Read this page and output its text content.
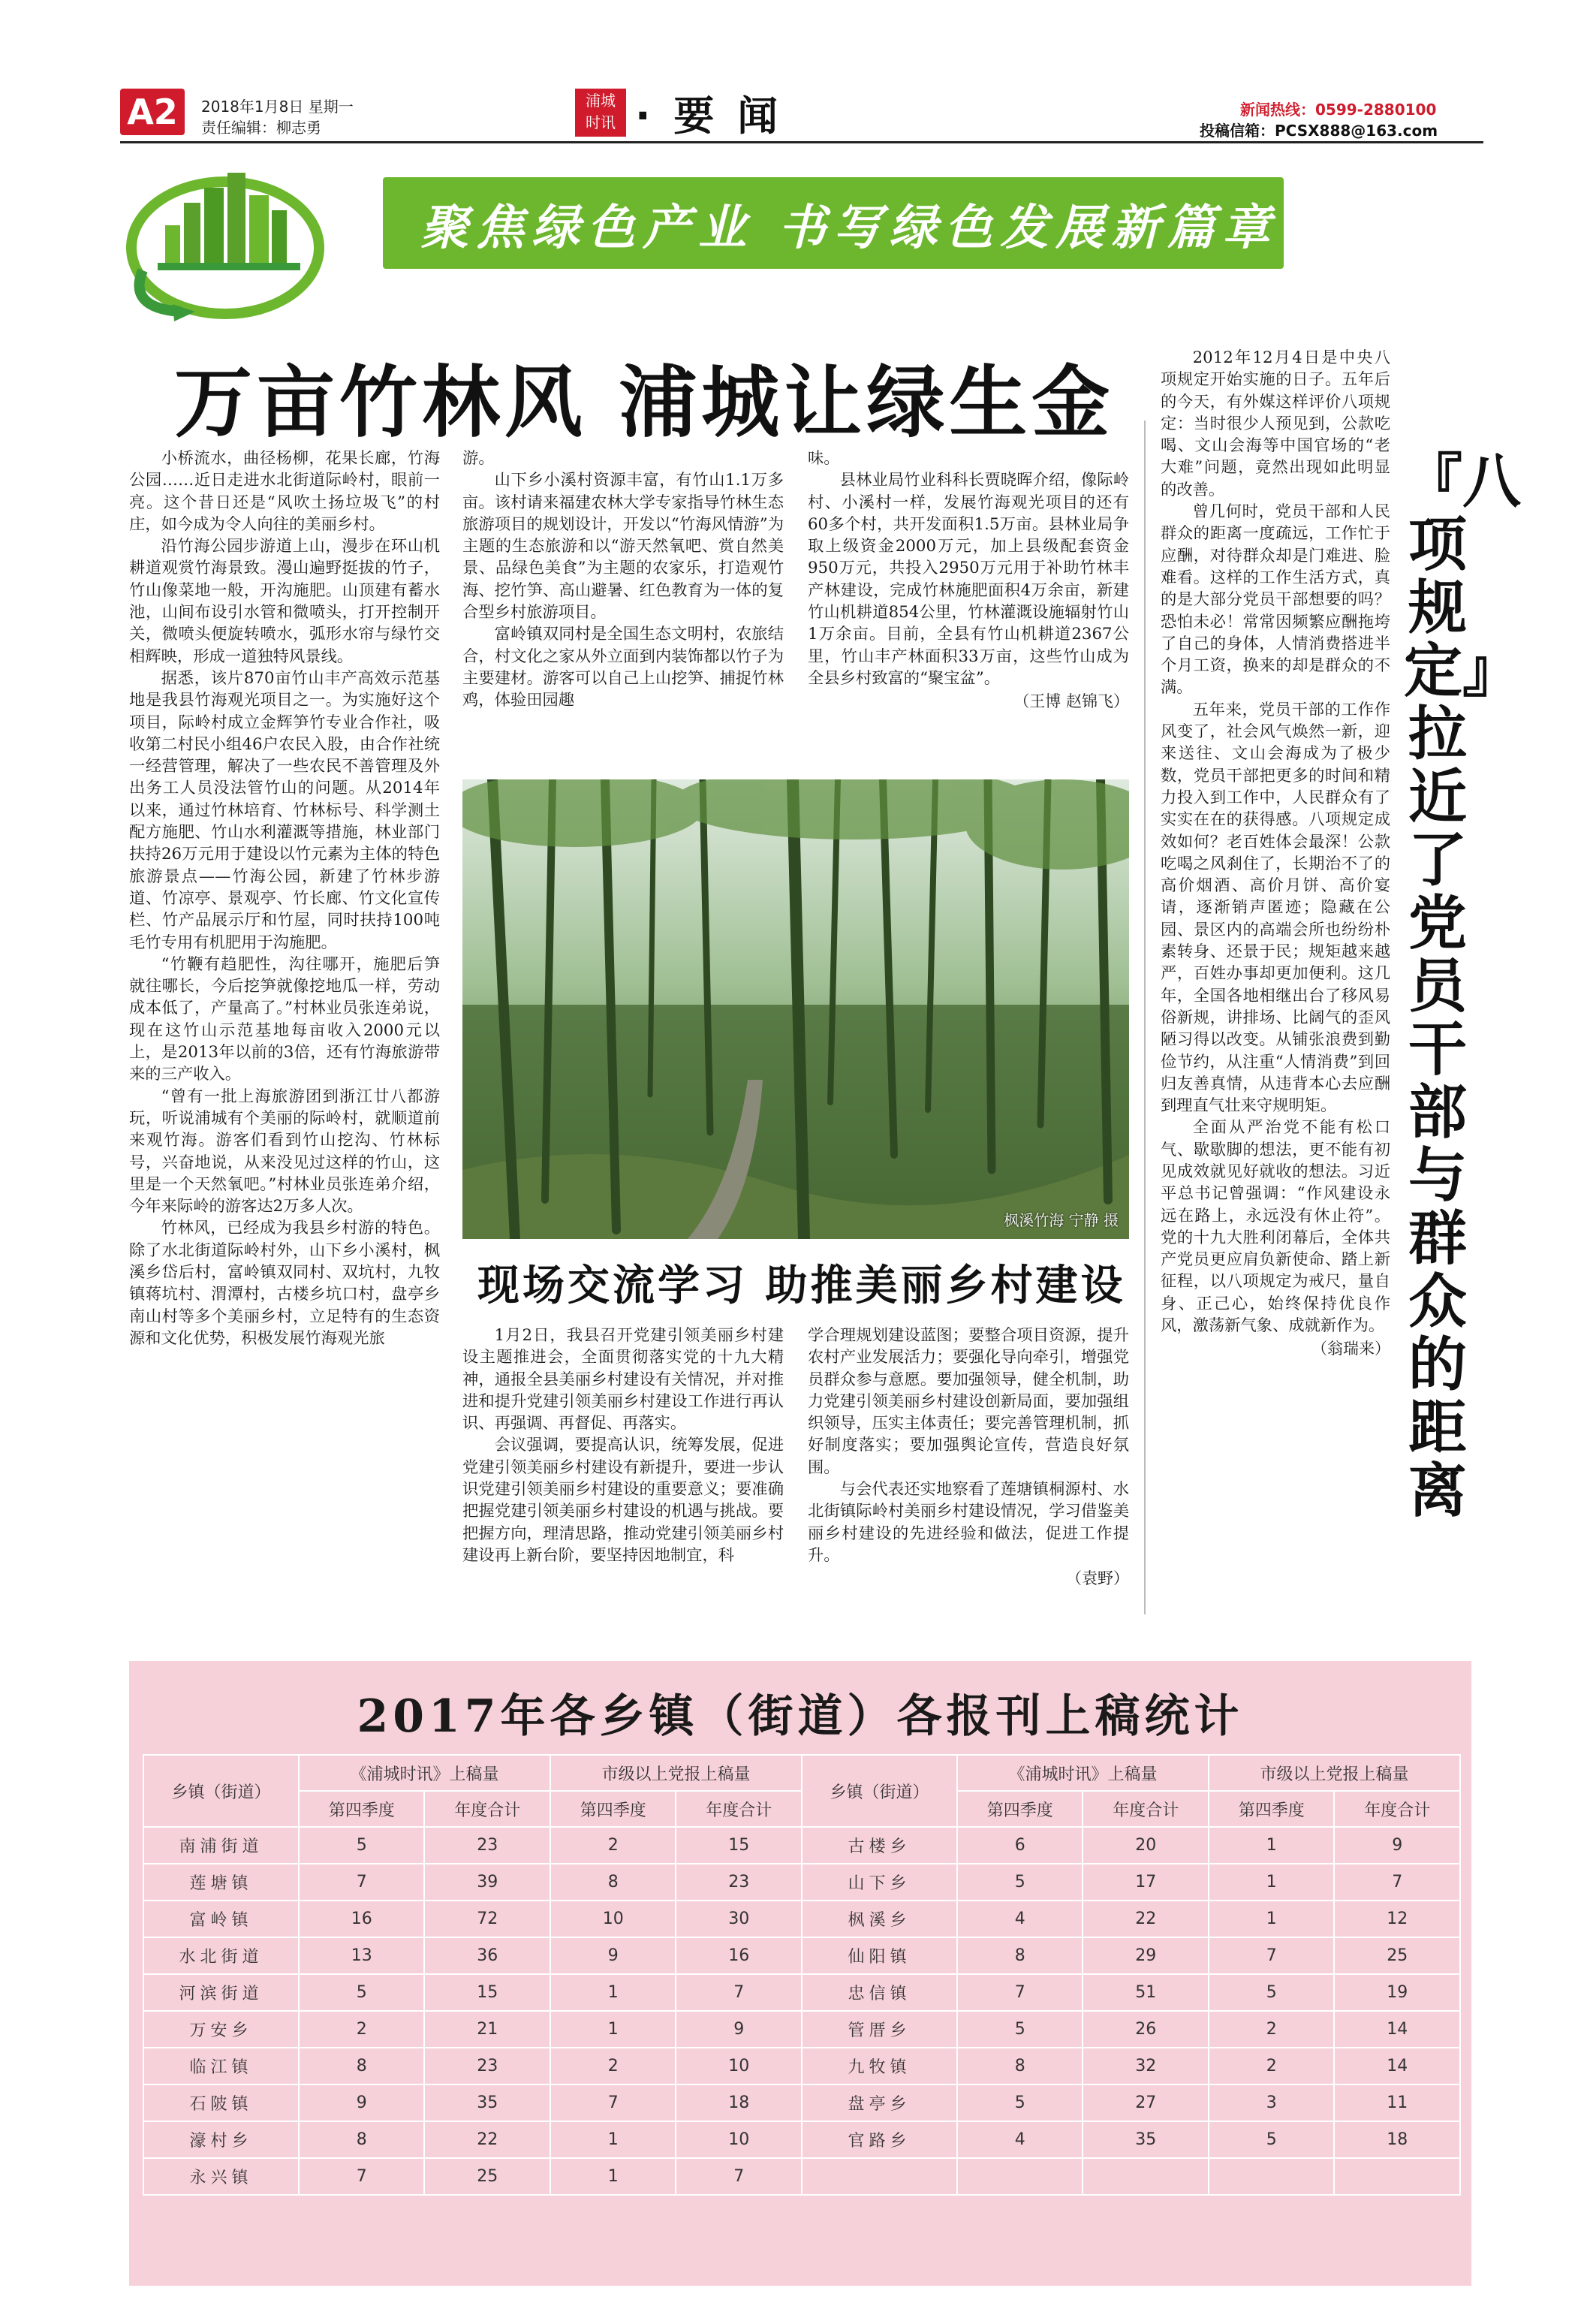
A2	2018年1月8日 星期一
责任编辑：柳志勇
浦城
时讯 · 要 闻	新闻热线：0599-2880100
投稿信箱：PCSX888@163.com
聚焦绿色产业 书写绿色发展新篇章
万亩竹林风 浦城让绿生金

小桥流水，曲径杨柳，花果长廊，竹海公园……近日走进水北街道际岭村，眼前一亮。这个昔日还是“风吹土扬垃圾飞”的村庄，如今成为令人向往的美丽乡村。

沿竹海公园步游道上山，漫步在环山机耕道观赏竹海景致。漫山遍野挺拔的竹子，竹山像菜地一般，开沟施肥。山顶建有蓄水池，山间布设引水管和微喷头，打开控制开关，微喷头便旋转喷水，弧形水帘与绿竹交相辉映，形成一道独特风景线。

据悉，该片870亩竹山丰产高效示范基地是我县竹海观光项目之一。为实施好这个项目，际岭村成立金辉笋竹专业合作社，吸收第二村民小组46户农民入股，由合作社统一经营管理，解决了一些农民不善管理及外出务工人员没法管竹山的问题。从2014年以来，通过竹林培育、竹林标号、科学测土配方施肥、竹山水利灌溉等措施，林业部门扶持26万元用于建设以竹元素为主体的特色旅游景点——竹海公园，新建了竹林步游道、竹凉亭、景观亭、竹长廊、竹文化宣传栏、竹产品展示厅和竹屋，同时扶持100吨毛竹专用有机肥用于沟施肥。

“竹鞭有趋肥性，沟往哪开，施肥后笋就往哪长，今后挖笋就像挖地瓜一样，劳动成本低了，产量高了。”村林业员张连弟说，现在这竹山示范基地每亩收入2000元以上，是2013年以前的3倍，还有竹海旅游带来的三产收入。

“曾有一批上海旅游团到浙江廿八都游玩，听说浦城有个美丽的际岭村，就顺道前来观竹海。游客们看到竹山挖沟、竹林标号，兴奋地说，从来没见过这样的竹山，这里是一个天然氧吧。”村林业员张连弟介绍，今年来际岭的游客达2万多人次。

竹林风，已经成为我县乡村游的特色。除了水北街道际岭村外，山下乡小溪村，枫溪乡岱后村，富岭镇双同村、双坑村，九牧镇蒋坑村、渭潭村，古楼乡坑口村，盘亭乡南山村等多个美丽乡村，立足特有的生态资源和文化优势，积极发展竹海观光旅

游。

山下乡小溪村资源丰富，有竹山1.1万多亩。该村请来福建农林大学专家指导竹林生态旅游项目的规划设计，开发以“竹海风情游”为主题的生态旅游和以“游天然氧吧、赏自然美景、品绿色美食”为主题的农家乐，打造观竹海、挖竹笋、高山避暑、红色教育为一体的复合型乡村旅游项目。

富岭镇双同村是全国生态文明村，农旅结合，村文化之家从外立面到内装饰都以竹子为主要建材。游客可以自己上山挖笋、捕捉竹林鸡，体验田园趣

味。

县林业局竹业科科长贾晓晖介绍，像际岭村、小溪村一样，发展竹海观光项目的还有60多个村，共开发面积1.5万亩。县林业局争取上级资金2000万元，加上县级配套资金950万元，共投入2950万元用于补助竹林丰产林建设，完成竹林施肥面积4万余亩，新建竹山机耕道854公里，竹林灌溉设施辐射竹山1万余亩。目前，全县有竹山机耕道2367公里，竹山丰产林面积33万亩，这些竹山成为全县乡村致富的“聚宝盆”。

（王博 赵锦飞）
枫溪竹海 宁静 摄
现场交流学习 助推美丽乡村建设

1月2日，我县召开党建引领美丽乡村建设主题推进会，全面贯彻落实党的十九大精神，通报全县美丽乡村建设有关情况，并对推进和提升党建引领美丽乡村建设工作进行再认识、再强调、再督促、再落实。

会议强调，要提高认识，统筹发展，促进党建引领美丽乡村建设有新提升，要进一步认识党建引领美丽乡村建设的重要意义；要准确把握党建引领美丽乡村建设的机遇与挑战。要把握方向，理清思路，推动党建引领美丽乡村建设再上新台阶，要坚持因地制宜，科

学合理规划建设蓝图；要整合项目资源，提升农村产业发展活力；要强化导向牵引，增强党员群众参与意愿。要加强领导，健全机制，助力党建引领美丽乡村建设创新局面，要加强组织领导，压实主体责任；要完善管理机制，抓好制度落实；要加强舆论宣传，营造良好氛围。

与会代表还实地察看了莲塘镇桐源村、水北街镇际岭村美丽乡村建设情况，学习借鉴美丽乡村建设的先进经验和做法，促进工作提升。

（袁野）

2012年12月4日是中央八项规定开始实施的日子。五年后的今天，有外媒这样评价八项规定：当时很少人预见到，公款吃喝、文山会海等中国官场的“老大难”问题，竟然出现如此明显的改善。

曾几何时，党员干部和人民群众的距离一度疏远，工作忙于应酬，对待群众却是门难进、脸难看。这样的工作生活方式，真的是大部分党员干部想要的吗？恐怕未必！常常因频繁应酬拖垮了自己的身体，人情消费搭进半个月工资，换来的却是群众的不满。

五年来，党员干部的工作作风变了，社会风气焕然一新，迎来送往、文山会海成为了极少数，党员干部把更多的时间和精力投入到工作中，人民群众有了实实在在的获得感。八项规定成效如何？老百姓体会最深！公款吃喝之风刹住了，长期治不了的高价烟酒、高价月饼、高价宴请，逐渐销声匿迹；隐藏在公园、景区内的高端会所也纷纷朴素转身、还景于民；规矩越来越严，百姓办事却更加便利。这几年，全国各地相继出台了移风易俗新规，讲排场、比阔气的歪风陋习得以改变。从铺张浪费到勤俭节约，从注重“人情消费”到回归友善真情，从违背本心去应酬到理直气壮来守规明矩。

全面从严治党不能有松口气、歇歇脚的想法，更不能有初见成效就见好就收的想法。习近平总书记曾强调：“作风建设永远在路上，永远没有休止符”。党的十九大胜利闭幕后，全体共产党员更应肩负新使命、踏上新征程，以八项规定为戒尺，量自身、正己心，始终保持优良作风，激荡新气象、成就新作为。

（翁瑞来）
『八项规定』拉近了党员干部与群众的距离
2017年各乡镇（街道）各报刊上稿统计
乡镇（街道）	《浦城时讯》上稿量		市级以上党报上稿量		乡镇（街道）	《浦城时讯》上稿量		市级以上党报上稿量	
	第四季度	年度合计	第四季度	年度合计		第四季度	年度合计	第四季度	年度合计
南浦街道	5	23	2	15	古楼乡	6	20	1	9
莲塘镇	7	39	8	23	山下乡	5	17	1	7
富岭镇	16	72	10	30	枫溪乡	4	22	1	12
水北街道	13	36	9	16	仙阳镇	8	29	7	25
河滨街道	5	15	1	7	忠信镇	7	51	5	19
万安乡	2	21	1	9	管厝乡	5	26	2	14
临江镇	8	23	2	10	九牧镇	8	32	2	14
石陂镇	9	35	7	18	盘亭乡	5	27	3	11
濠村乡	8	22	1	10	官路乡	4	35	5	18
永兴镇	7	25	1	7					
